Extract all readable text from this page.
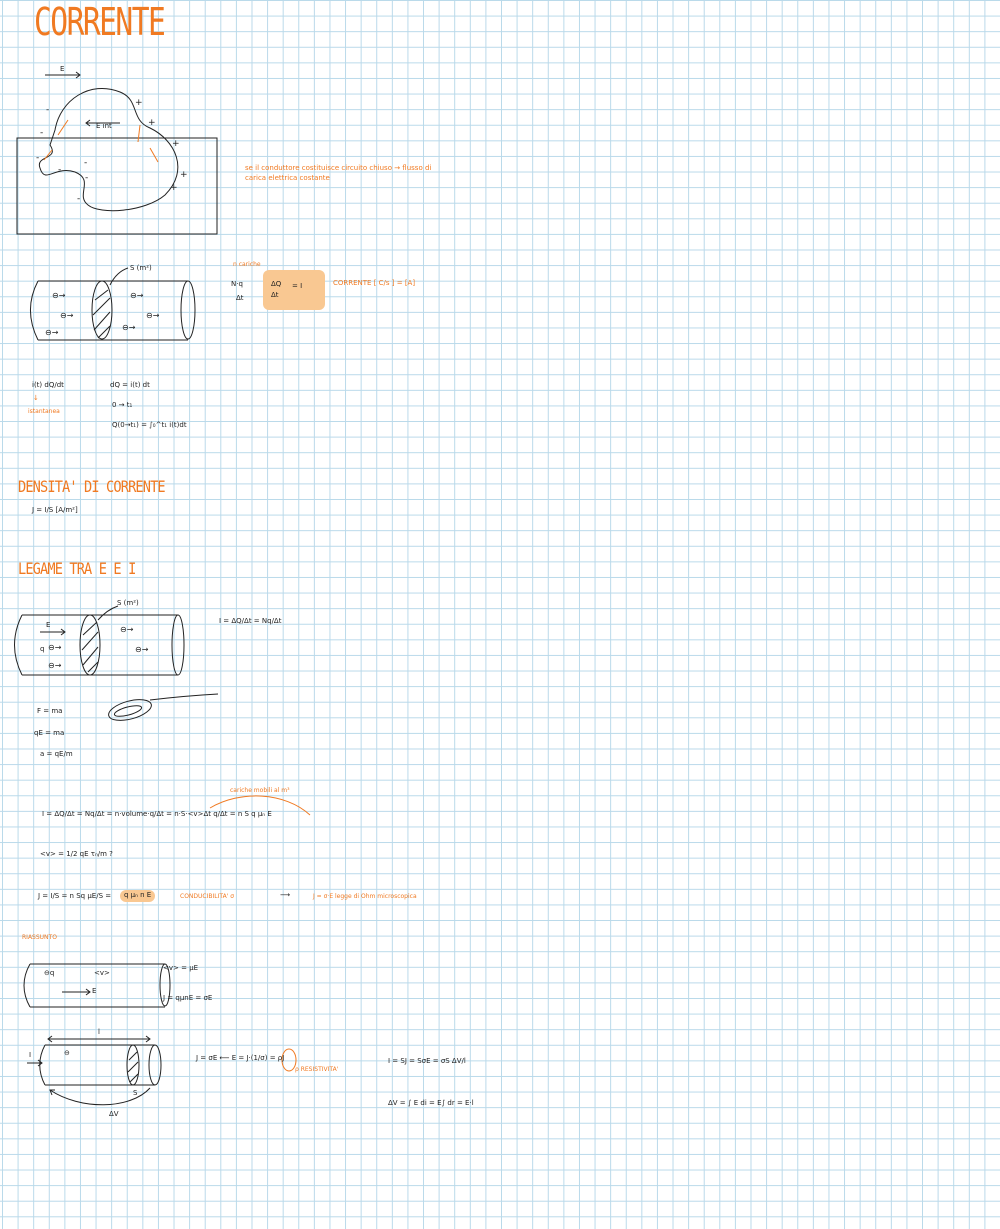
CORRENTE
-
+
-
+
-
+
-
+
-
+
-
-
E
E int
se il conduttore costituisce circuito chiuso → flusso di carica elettrica costante
⊖→	⊖→
⊖→	⊖→
⊖→
⊖→
S (m²)	n cariche
N·q
Δt
ΔQ
Δt
= I	CORRENTE [ C/s ] = [A]
i(t) dQ/dt
↓
istantanea
dQ = i(t) dt
0 → t₁
Q(0→t₁) = ∫₀^t₁ i(t)dt
DENSITA' DI CORRENTE
J = I/S [A/m²]
LEGAME TRA E E I
⊖→
⊖→
⊖→
⊖→
S (m²)
E
q
I = ΔQ/Δt = Nq/Δt
F = ma
qE = ma
a = qE/m
cariche mobili al m³
I = ΔQ/Δt = Nq/Δt = n·volume·q/Δt = n·S·<v>Δt q/Δt = n S q μₙ E
<v> = 1/2 qE τₙ/m ?
J = I/S = n Sq μE/S =	q μₙ n E	CONDUCIBILITA' σ	⟶	J = σ·E legge di Ohm microscopica
RIASSUNTO
⊖q	<v>
E
<v> = μE
J = qμnE = σE
l
I	⊖
S
ΔV
J = σE ⟵ E = J·(1/σ) = ρJ
ρ RESISTIVITA'
I = SJ = SσE = σS ΔV/l
ΔV = ∫ E di = E∫ dr = E·l
